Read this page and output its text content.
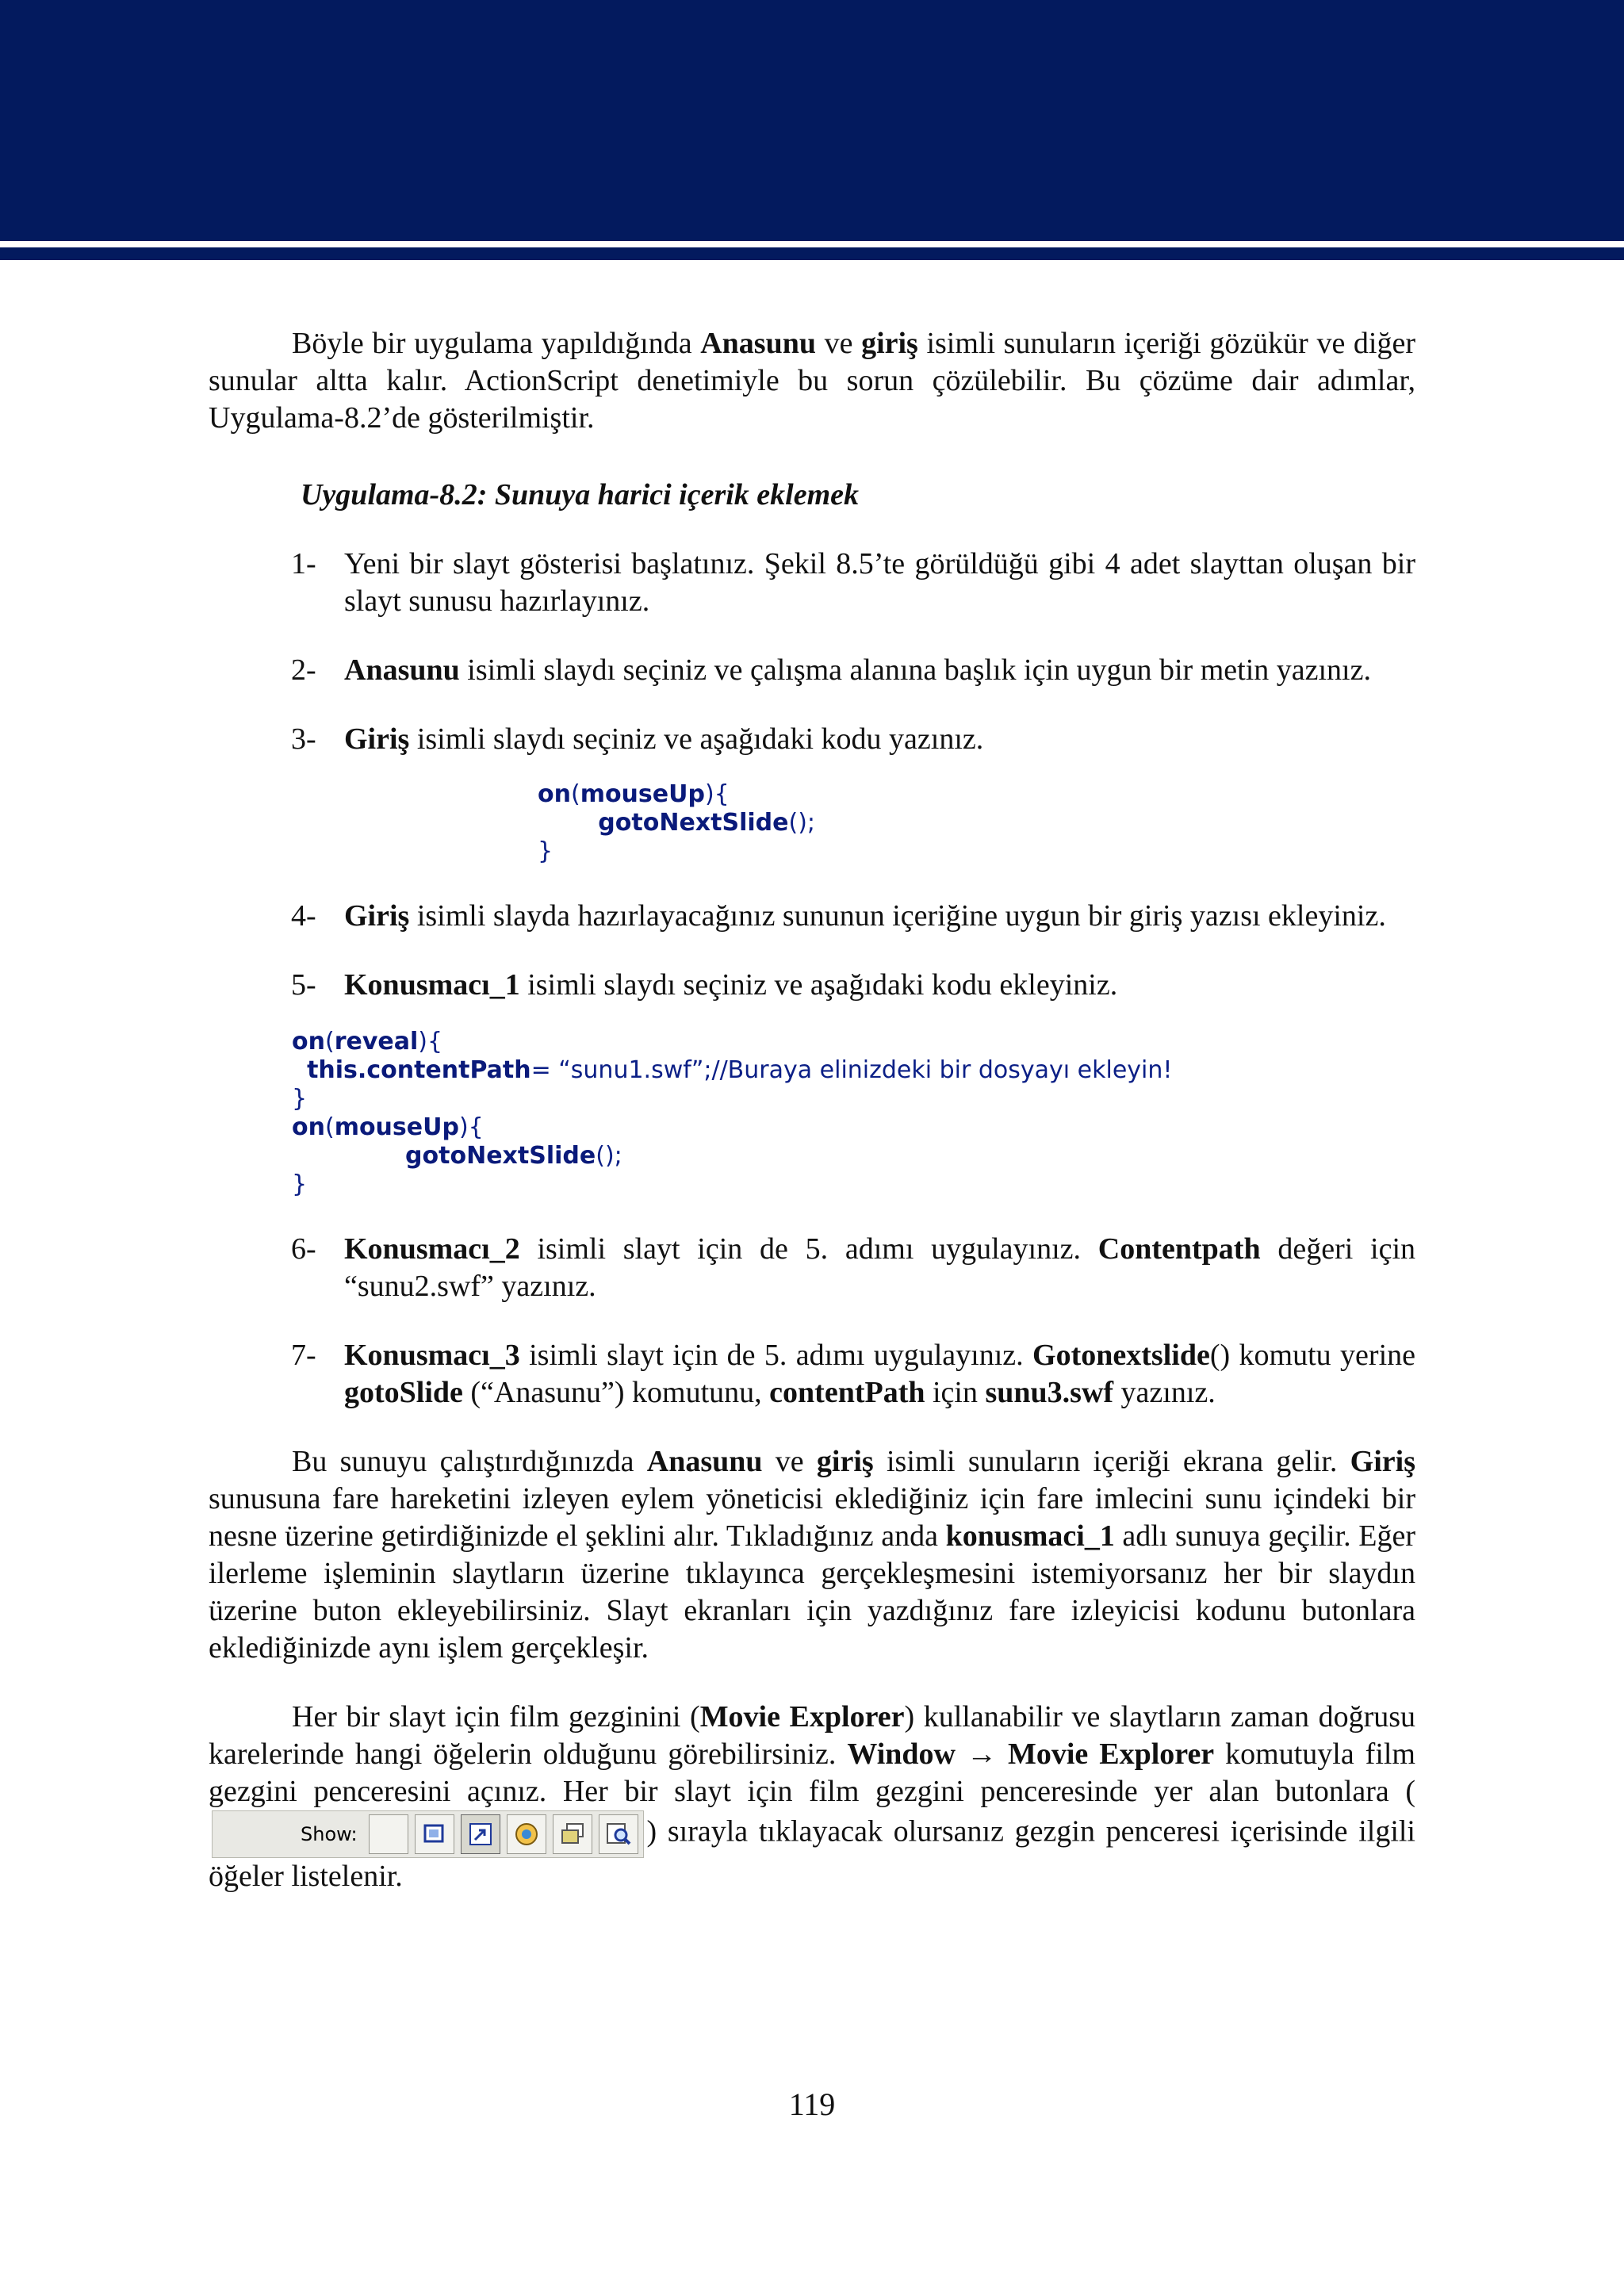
Böyle bir uygulama yapıldığında Anasunu ve giriş isimli sunuların içeriği gözükür ve diğer sunular altta kalır. ActionScript denetimiyle bu sorun çözülebilir. Bu çözüme dair adımlar, Uygulama-8.2’de gösterilmiştir.

Uygulama-8.2: Sunuya harici içerik eklemek

1- Yeni bir slayt gösterisi başlatınız. Şekil 8.5’te görüldüğü gibi 4 adet slayttan oluşan bir slayt sunusu hazırlayınız.
2- Anasunu isimli slaydı seçiniz ve çalışma alanına başlık için uygun bir metin yazınız.
3- Giriş isimli slaydı seçiniz ve aşağıdaki kodu yazınız.
on(mouseUp){
gotoNextSlide();
}
4- Giriş isimli slayda hazırlayacağınız sununun içeriğine uygun bir giriş yazısı ekleyiniz.
5- Konusmacı_1 isimli slaydı seçiniz ve aşağıdaki kodu ekleyiniz.
on(reveal){
this.contentPath= “sunu1.swf”;//Buraya elinizdeki bir dosyayı ekleyin!
}
on(mouseUp){
gotoNextSlide();
}
6- Konusmacı_2 isimli slayt için de 5. adımı uygulayınız. Contentpath değeri için “sunu2.swf” yazınız.
7- Konusmacı_3 isimli slayt için de 5. adımı uygulayınız. Gotonextslide() komutu yerine gotoSlide (“Anasunu”) komutunu, contentPath için sunu3.swf yazınız.

Bu sunuyu çalıştırdığınızda Anasunu ve giriş isimli sunuların içeriği ekrana gelir. Giriş sunusuna fare hareketini izleyen eylem yöneticisi eklediğiniz için fare imlecini sunu içindeki bir nesne üzerine getirdiğinizde el şeklini alır. Tıkladığınız anda konusmaci_1 adlı sunuya geçilir. Eğer ilerleme işleminin slaytların üzerine tıklayınca gerçekleşmesini istemiyorsanız her bir slaydın üzerine buton ekleyebilirsiniz. Slayt ekranları için yazdığınız fare izleyicisi kodunu butonlara eklediğinizde aynı işlem gerçekleşir.

Her bir slayt için film gezginini (Movie Explorer) kullanabilir ve slaytların zaman doğrusu karelerinde hangi öğelerin olduğunu görebilirsiniz. Window → Movie Explorer komutuyla film gezgini penceresini açınız. Her bir slayt için film gezgini penceresinde yer alan butonlara (
Show:	) sırayla tıklayacak olursanız gezgin penceresi içerisinde ilgili öğeler listelenir.

119
